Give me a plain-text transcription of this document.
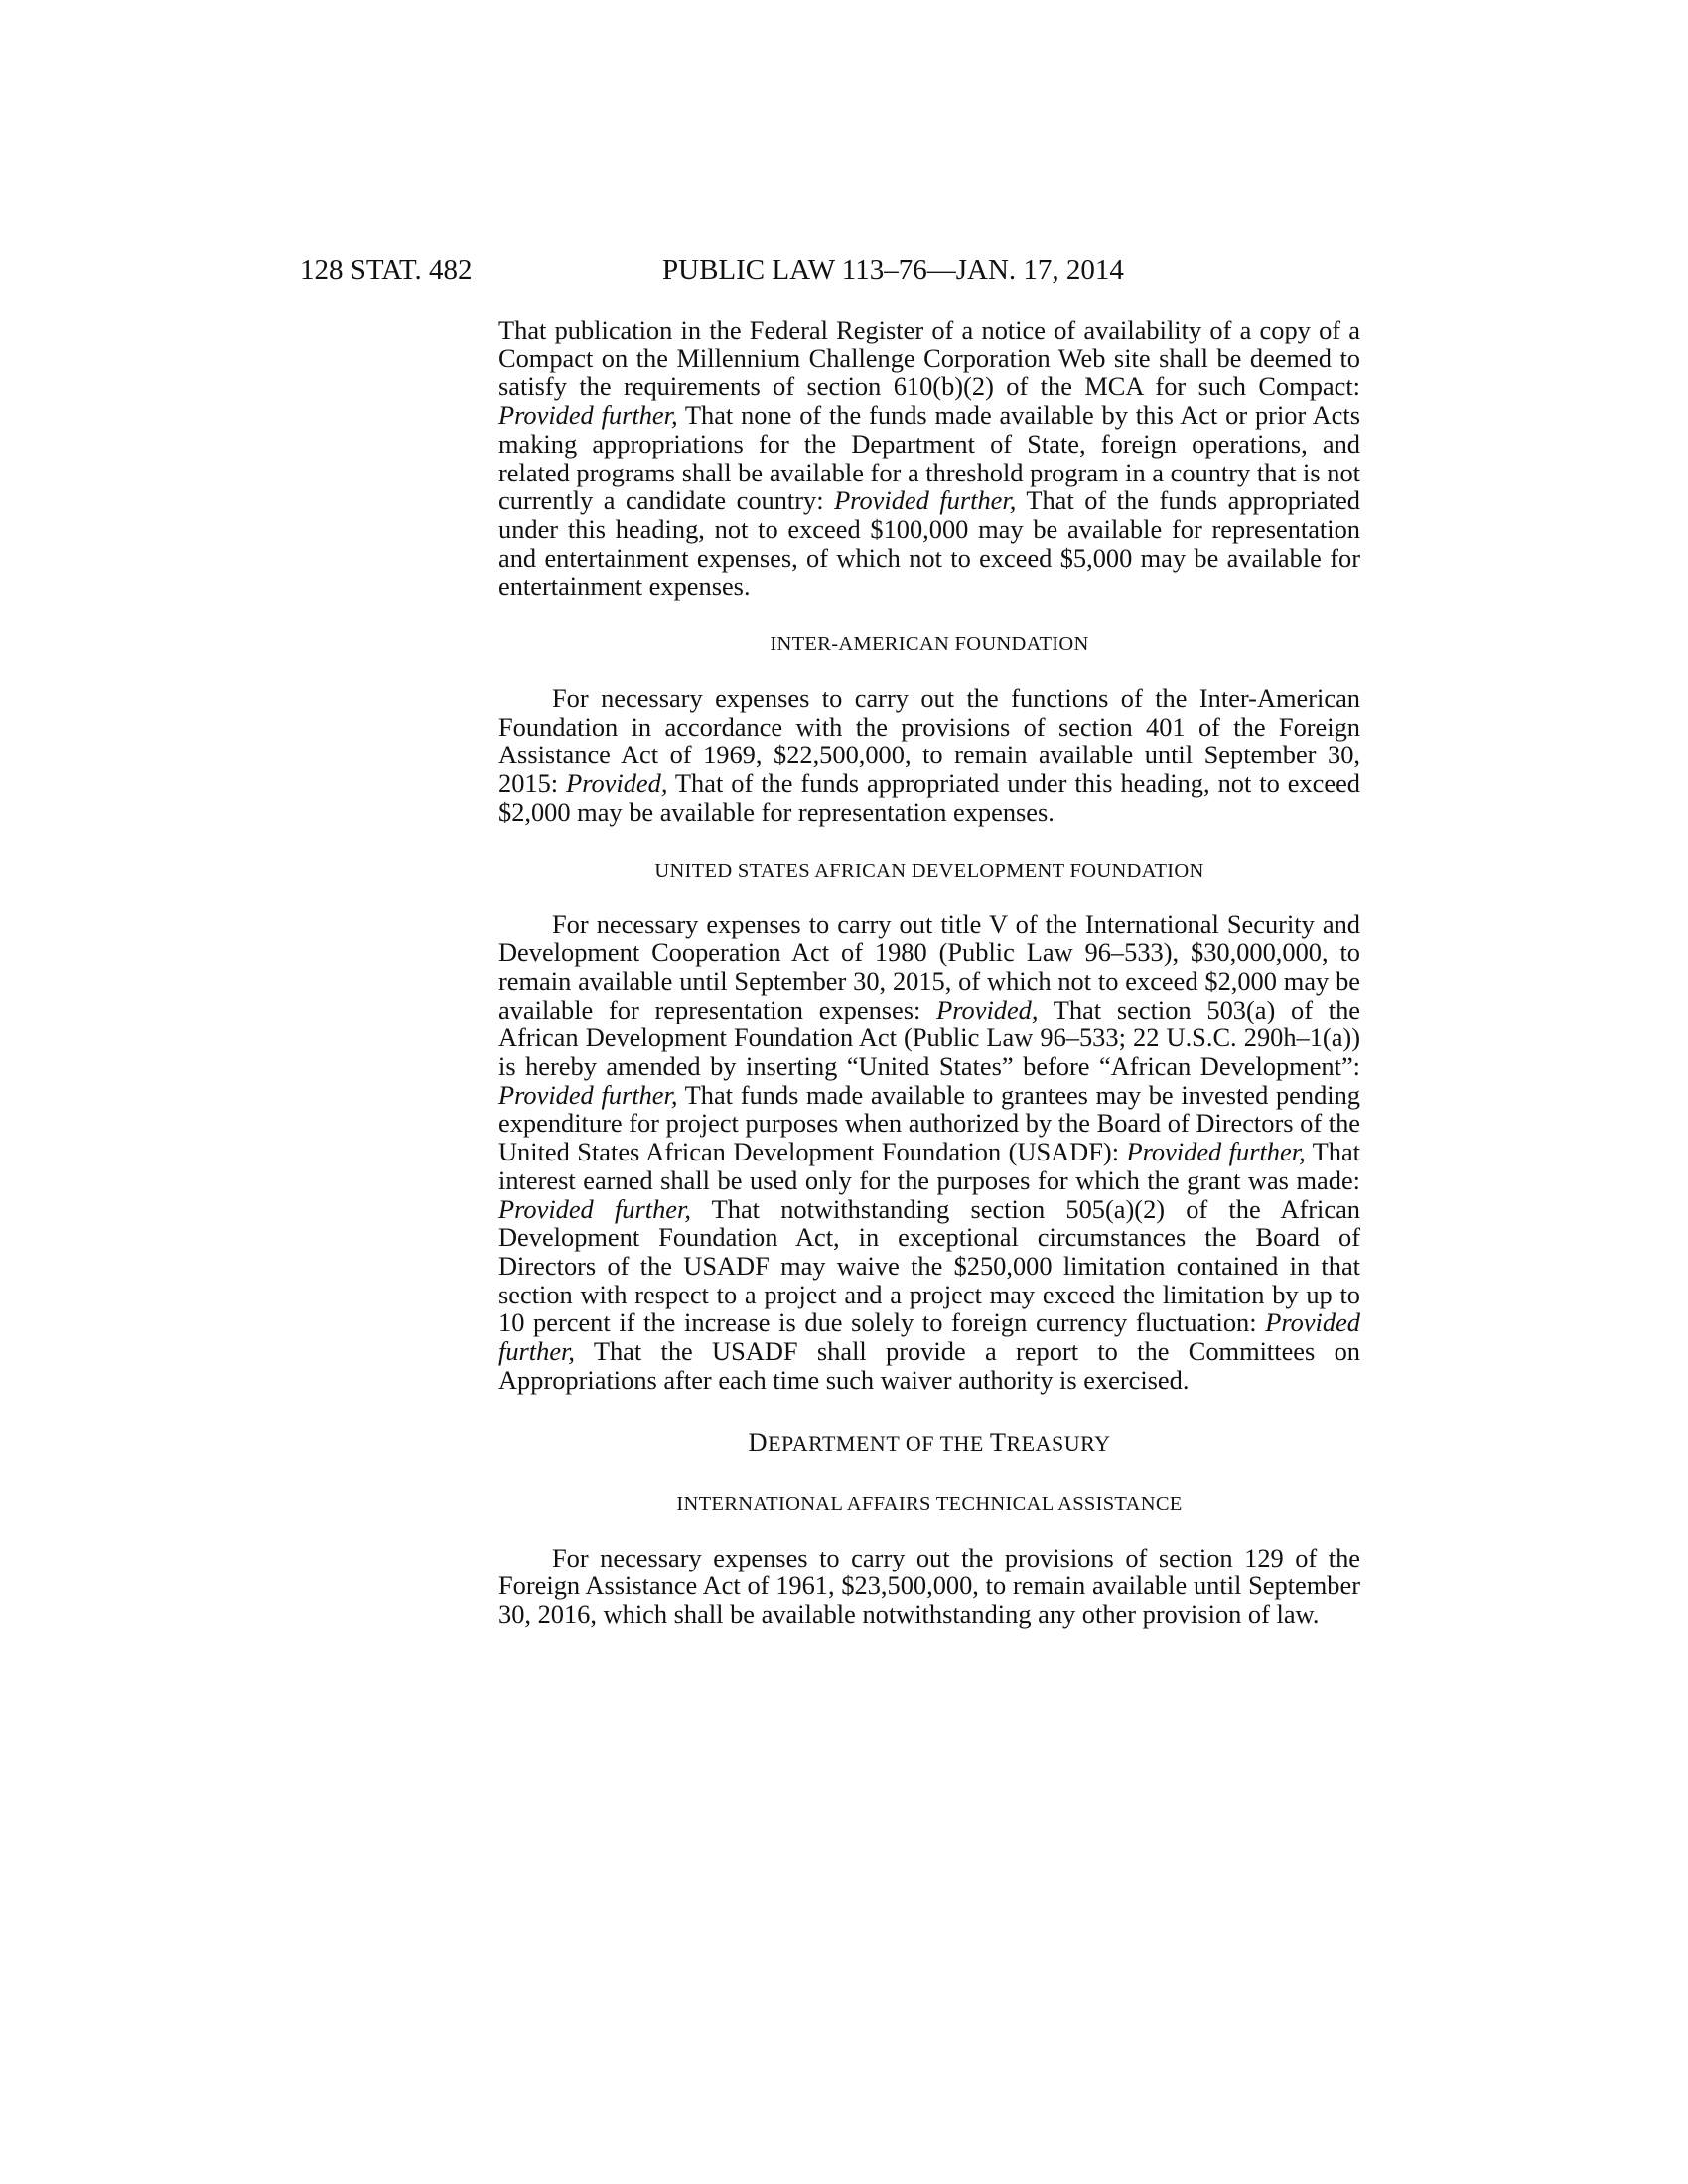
128 STAT. 482	PUBLIC LAW 113–76—JAN. 17, 2014

That publication in the Federal Register of a notice of availability of a copy of a Compact on the Millennium Challenge Corporation Web site shall be deemed to satisfy the requirements of section 610(b)(2) of the MCA for such Compact: Provided further, That none of the funds made available by this Act or prior Acts making appropriations for the Department of State, foreign operations, and related programs shall be available for a threshold program in a country that is not currently a candidate country: Provided further, That of the funds appropriated under this heading, not to exceed $100,000 may be available for representation and entertainment expenses, of which not to exceed $5,000 may be available for entertainment expenses.

INTER-AMERICAN FOUNDATION

For necessary expenses to carry out the functions of the Inter-American Foundation in accordance with the provisions of section 401 of the Foreign Assistance Act of 1969, $22,500,000, to remain available until September 30, 2015: Provided, That of the funds appropriated under this heading, not to exceed $2,000 may be available for representation expenses.

UNITED STATES AFRICAN DEVELOPMENT FOUNDATION

For necessary expenses to carry out title V of the International Security and Development Cooperation Act of 1980 (Public Law 96–533), $30,000,000, to remain available until September 30, 2015, of which not to exceed $2,000 may be available for representation expenses: Provided, That section 503(a) of the African Development Foundation Act (Public Law 96–533; 22 U.S.C. 290h–1(a)) is hereby amended by inserting “United States” before “African Development”: Provided further, That funds made available to grantees may be invested pending expenditure for project purposes when authorized by the Board of Directors of the United States African Development Foundation (USADF): Provided further, That interest earned shall be used only for the purposes for which the grant was made: Provided further, That notwithstanding section 505(a)(2) of the African Development Foundation Act, in exceptional circumstances the Board of Directors of the USADF may waive the $250,000 limitation contained in that section with respect to a project and a project may exceed the limitation by up to 10 percent if the increase is due solely to foreign currency fluctuation: Provided further, That the USADF shall provide a report to the Committees on Appropriations after each time such waiver authority is exercised.

DEPARTMENT OF THE TREASURY

INTERNATIONAL AFFAIRS TECHNICAL ASSISTANCE

For necessary expenses to carry out the provisions of section 129 of the Foreign Assistance Act of 1961, $23,500,000, to remain available until September 30, 2016, which shall be available notwithstanding any other provision of law.
